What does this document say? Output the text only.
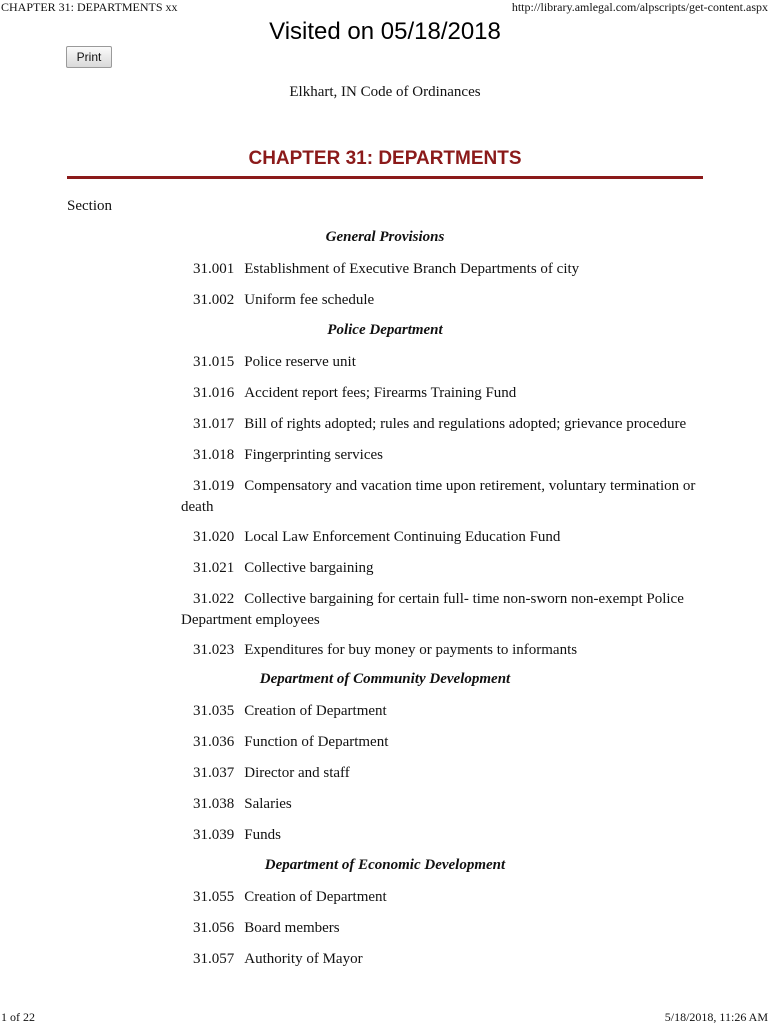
CHAPTER 31: DEPARTMENTS xx	http://library.amlegal.com/alpscripts/get-content.aspx
Visited on 05/18/2018
Print
Elkhart, IN Code of Ordinances
CHAPTER 31: DEPARTMENTS
Section
General Provisions
31.001 Establishment of Executive Branch Departments of city
31.002 Uniform fee schedule
Police Department
31.015 Police reserve unit
31.016 Accident report fees; Firearms Training Fund
31.017 Bill of rights adopted; rules and regulations adopted; grievance procedure
31.018 Fingerprinting services
31.019 Compensatory and vacation time upon retirement, voluntary termination or death
31.020 Local Law Enforcement Continuing Education Fund
31.021 Collective bargaining
31.022 Collective bargaining for certain full- time non-sworn non-exempt Police Department employees
31.023 Expenditures for buy money or payments to informants
Department of Community Development
31.035 Creation of Department
31.036 Function of Department
31.037 Director and staff
31.038 Salaries
31.039 Funds
Department of Economic Development
31.055 Creation of Department
31.056 Board members
31.057 Authority of Mayor
1 of 22	5/18/2018, 11:26 AM
